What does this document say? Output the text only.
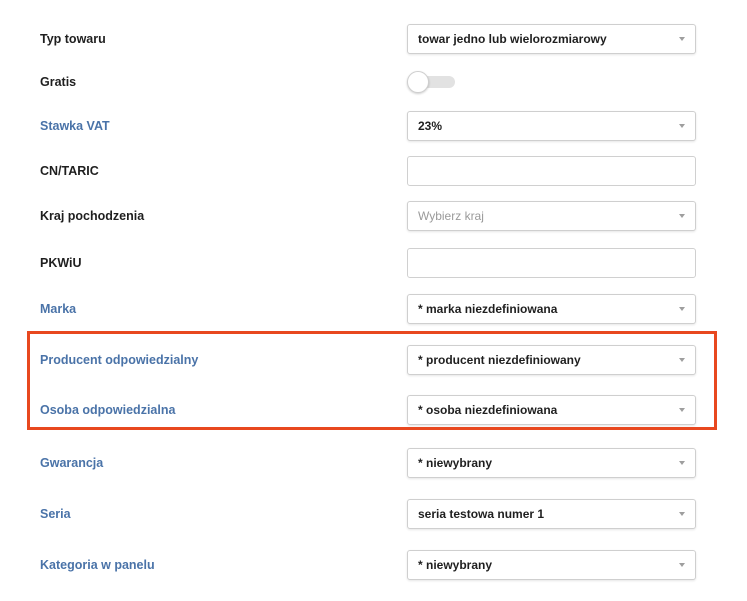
Typ towaru	towar jedno lub wielorozmiarowy
Gratis
Stawka VAT	23%
CN/TARIC
Kraj pochodzenia	Wybierz kraj
PKWiU
Marka	* marka niezdefiniowana
Producent odpowiedzialny	* producent niezdefiniowany
Osoba odpowiedzialna	* osoba niezdefiniowana
Gwarancja	* niewybrany
Seria	seria testowa numer 1
Kategoria w panelu	* niewybrany
